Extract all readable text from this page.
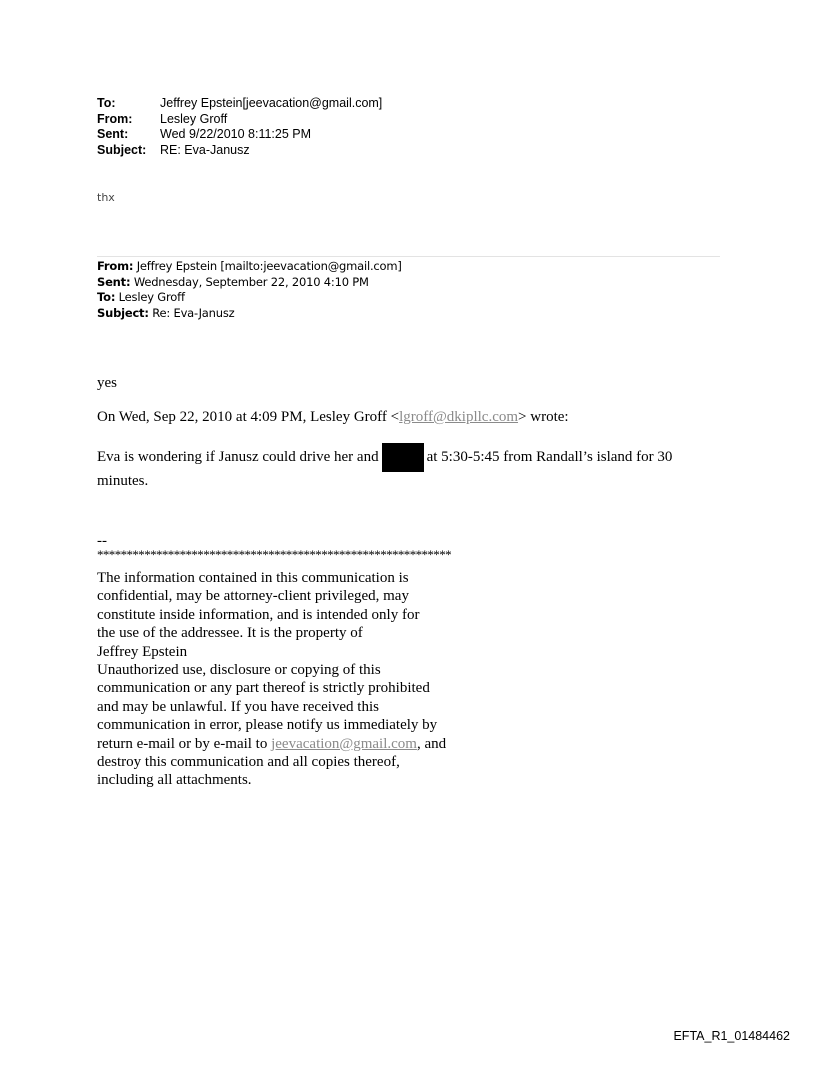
To:	Jeffrey Epstein[jeevacation@gmail.com]
From:	Lesley Groff
Sent:	Wed 9/22/2010 8:11:25 PM
Subject:	RE: Eva-Janusz
thx
From: Jeffrey Epstein [mailto:jeevacation@gmail.com]
Sent: Wednesday, September 22, 2010 4:10 PM
To: Lesley Groff
Subject: Re: Eva-Janusz
yes
On Wed, Sep 22, 2010 at 4:09 PM, Lesley Groff <lgroff@dkipllc.com> wrote:
Eva is wondering if Janusz could drive her and	at 5:30-5:45 from Randall’s island for 30 minutes.
--
************************************************************
The information contained in this communication is
confidential, may be attorney-client privileged, may
constitute inside information, and is intended only for
the use of the addressee. It is the property of
Jeffrey Epstein
Unauthorized use, disclosure or copying of this
communication or any part thereof is strictly prohibited
and may be unlawful. If you have received this
communication in error, please notify us immediately by
return e-mail or by e-mail to jeevacation@gmail.com, and
destroy this communication and all copies thereof,
including all attachments.
EFTA_R1_01484462
